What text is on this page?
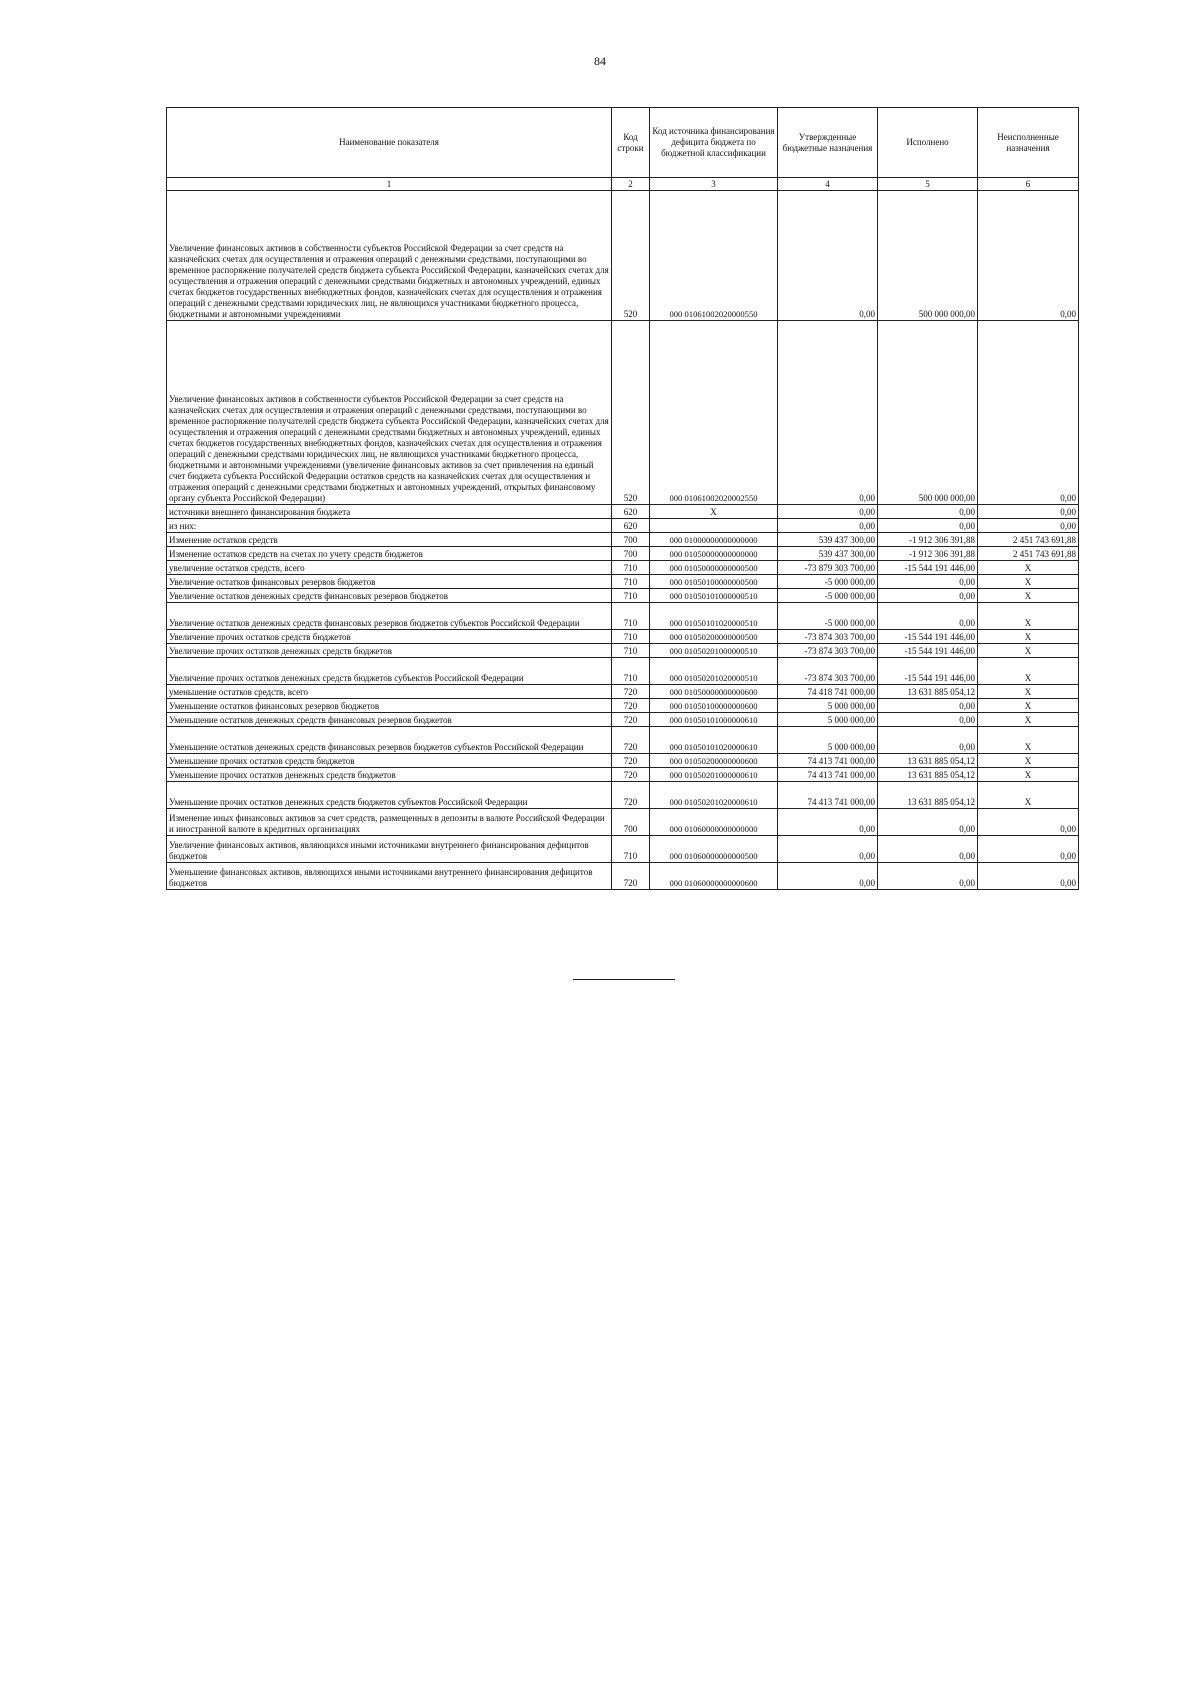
84
Наименование показателя	Код строки	Код источника финансирования дефицита бюджета по бюджетной классификации	Утвержденные бюджетные назначения	Исполнено	Неисполненные назначения
1	2	3	4	5	6
Увеличение финансовых активов в собственности субъектов Российской Федерации за счет средств на казначейских счетах для осуществления и отражения операций с денежными средствами, поступающими во временное распоряжение получателей средств бюджета субъекта Российской Федерации, казначейских счетах для осуществления и отражения операций с денежными средствами бюджетных и автономных учреждений, единых счетах бюджетов государственных внебюджетных фондов, казначейских счетах для осуществления и отражения операций с денежными средствами юридических лиц, не являющихся участниками бюджетного процесса, бюджетными и автономными учреждениями	520	000 01061002020000550	0,00	500 000 000,00	0,00
Увеличение финансовых активов в собственности субъектов Российской Федерации за счет средств на казначейских счетах для осуществления и отражения операций с денежными средствами, поступающими во временное распоряжение получателей средств бюджета субъекта Российской Федерации, казначейских счетах для осуществления и отражения операций с денежными средствами бюджетных и автономных учреждений, единых счетах бюджетов государственных внебюджетных фондов, казначейских счетах для осуществления и отражения операций с денежными средствами юридических лиц, не являющихся участниками бюджетного процесса, бюджетными и автономными учреждениями (увеличение финансовых активов за счет привлечения на единый счет бюджета субъекта Российской Федерации остатков средств на казначейских счетах для осуществления и отражения операций с денежными средствами бюджетных и автономных учреждений, открытых финансовому органу субъекта Российской Федерации)	520	000 01061002020002550	0,00	500 000 000,00	0,00
источники внешнего финансирования бюджета	620	X	0,00	0,00	0,00
из них:	620		0,00	0,00	0,00
Изменение остатков средств	700	000 01000000000000000	539 437 300,00	-1 912 306 391,88	2 451 743 691,88
Изменение остатков средств на счетах по учету средств бюджетов	700	000 01050000000000000	539 437 300,00	-1 912 306 391,88	2 451 743 691,88
увеличение остатков средств, всего	710	000 01050000000000500	-73 879 303 700,00	-15 544 191 446,00	X
Увеличение остатков финансовых резервов бюджетов	710	000 01050100000000500	-5 000 000,00	0,00	X
Увеличение остатков денежных средств финансовых резервов бюджетов	710	000 01050101000000510	-5 000 000,00	0,00	X
Увеличение остатков денежных средств финансовых резервов бюджетов субъектов Российской Федерации	710	000 01050101020000510	-5 000 000,00	0,00	X
Увеличение прочих остатков средств бюджетов	710	000 01050200000000500	-73 874 303 700,00	-15 544 191 446,00	X
Увеличение прочих остатков денежных средств бюджетов	710	000 01050201000000510	-73 874 303 700,00	-15 544 191 446,00	X
Увеличение прочих остатков денежных средств бюджетов субъектов Российской Федерации	710	000 01050201020000510	-73 874 303 700,00	-15 544 191 446,00	X
уменьшение остатков средств, всего	720	000 01050000000000600	74 418 741 000,00	13 631 885 054,12	X
Уменьшение остатков финансовых резервов бюджетов	720	000 01050100000000600	5 000 000,00	0,00	X
Уменьшение остатков денежных средств финансовых резервов бюджетов	720	000 01050101000000610	5 000 000,00	0,00	X
Уменьшение остатков денежных средств финансовых резервов бюджетов субъектов Российской Федерации	720	000 01050101020000610	5 000 000,00	0,00	X
Уменьшение прочих остатков средств бюджетов	720	000 01050200000000600	74 413 741 000,00	13 631 885 054,12	X
Уменьшение прочих остатков денежных средств бюджетов	720	000 01050201000000610	74 413 741 000,00	13 631 885 054,12	X
Уменьшение прочих остатков денежных средств бюджетов субъектов Российской Федерации	720	000 01050201020000610	74 413 741 000,00	13 631 885 054,12	X
Изменение иных финансовых активов за счет средств, размещенных в депозиты в валюте Российской Федерации и иностранной валюте в кредитных организациях	700	000 01060000000000000	0,00	0,00	0,00
Увеличение финансовых активов, являющихся иными источниками внутреннего финансирования дефицитов бюджетов	710	000 01060000000000500	0,00	0,00	0,00
Уменьшение финансовых активов, являющихся иными источниками внутреннего финансирования дефицитов бюджетов	720	000 01060000000000600	0,00	0,00	0,00
